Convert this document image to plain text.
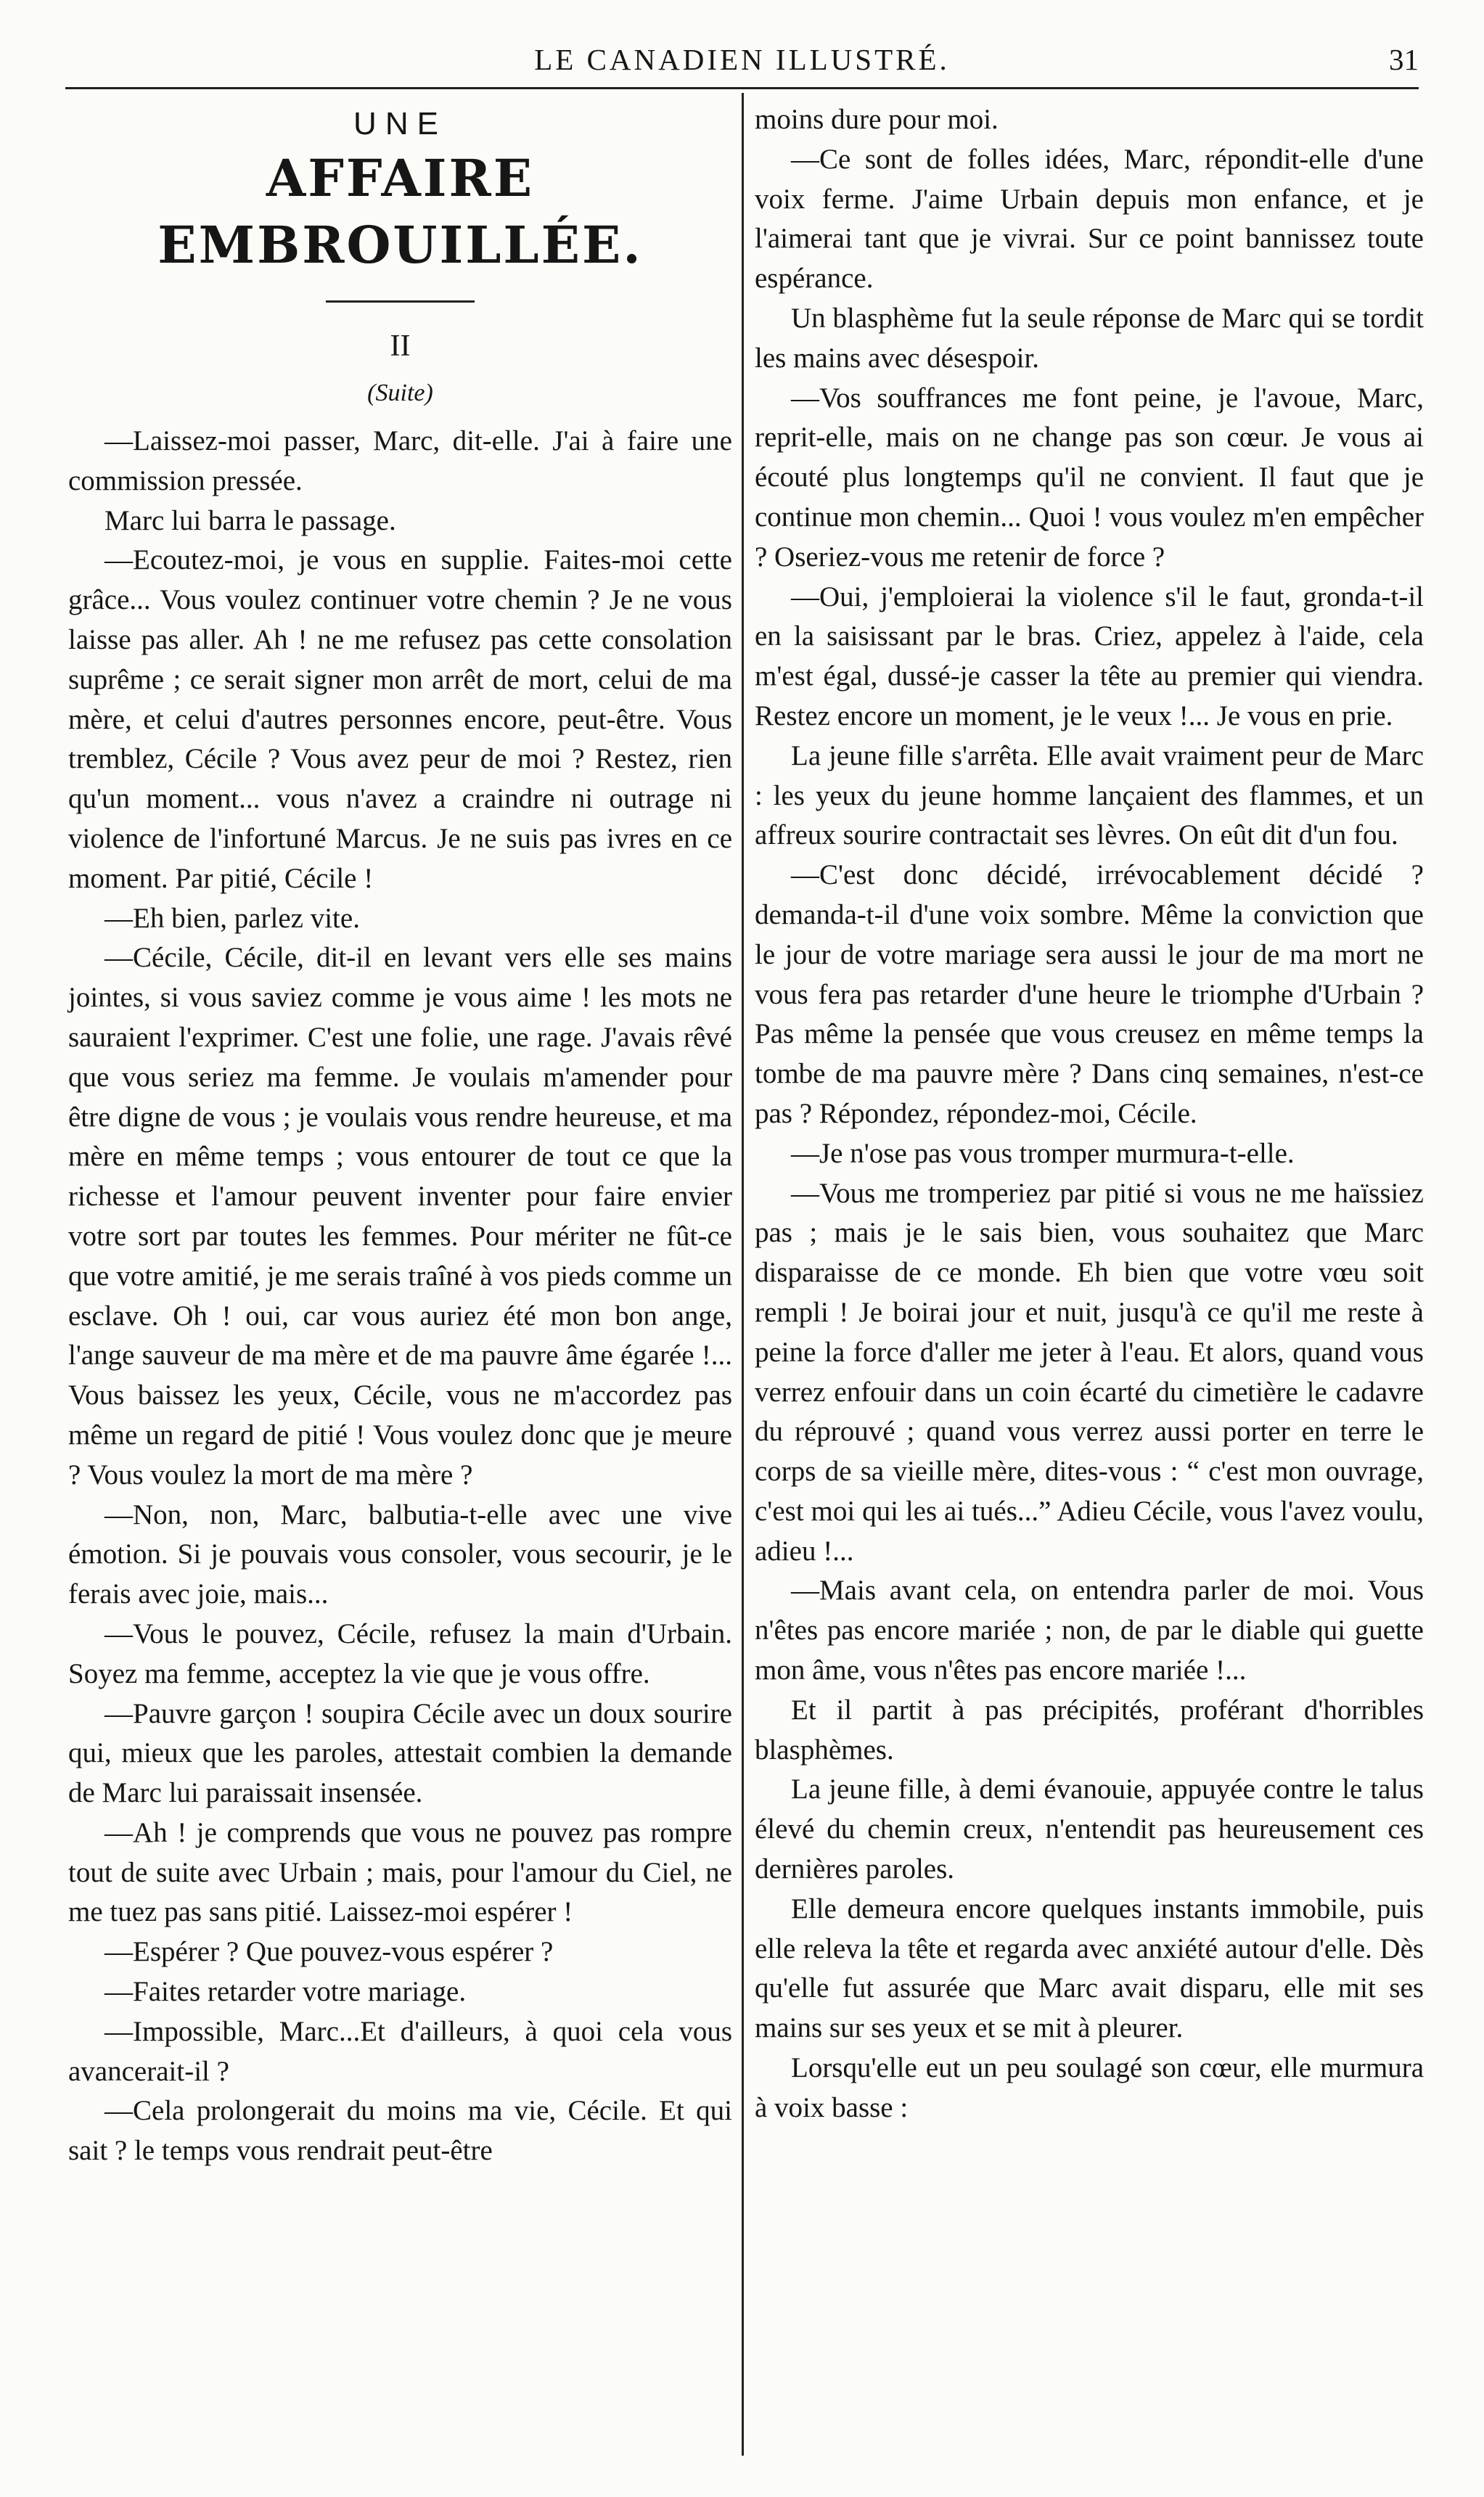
LE CANADIEN ILLUSTRÉ.	31
UNE
AFFAIRE EMBROUILLÉE.
II
(Suite)

—Laissez-moi passer, Marc, dit-elle. J'ai à faire une commission pressée.

Marc lui barra le passage.

—Ecoutez-moi, je vous en supplie. Faites-moi cette grâce... Vous voulez continuer votre chemin ? Je ne vous laisse pas aller. Ah ! ne me refusez pas cette consolation suprême ; ce serait signer mon arrêt de mort, celui de ma mère, et celui d'autres personnes encore, peut-être. Vous tremblez, Cécile ? Vous avez peur de moi ? Restez, rien qu'un moment... vous n'avez a craindre ni outrage ni violence de l'infortuné Marcus. Je ne suis pas ivres en ce moment. Par pitié, Cécile !

—Eh bien, parlez vite.

—Cécile, Cécile, dit-il en levant vers elle ses mains jointes, si vous saviez comme je vous aime ! les mots ne sauraient l'exprimer. C'est une folie, une rage. J'avais rêvé que vous seriez ma femme. Je voulais m'amender pour être digne de vous ; je voulais vous rendre heureuse, et ma mère en même temps ; vous entourer de tout ce que la richesse et l'amour peuvent inventer pour faire envier votre sort par toutes les femmes. Pour mériter ne fût-ce que votre amitié, je me serais traîné à vos pieds comme un esclave. Oh ! oui, car vous auriez été mon bon ange, l'ange sauveur de ma mère et de ma pauvre âme égarée !... Vous baissez les yeux, Cécile, vous ne m'accordez pas même un regard de pitié ! Vous voulez donc que je meure ? Vous voulez la mort de ma mère ?

—Non, non, Marc, balbutia-t-elle avec une vive émotion. Si je pouvais vous consoler, vous secourir, je le ferais avec joie, mais...

—Vous le pouvez, Cécile, refusez la main d'Urbain. Soyez ma femme, acceptez la vie que je vous offre.

—Pauvre garçon ! soupira Cécile avec un doux sourire qui, mieux que les paroles, attestait combien la demande de Marc lui paraissait insensée.

—Ah ! je comprends que vous ne pouvez pas rompre tout de suite avec Urbain ; mais, pour l'amour du Ciel, ne me tuez pas sans pitié. Laissez-moi espérer !

—Espérer ? Que pouvez-vous espérer ?

—Faites retarder votre mariage.

—Impossible, Marc...Et d'ailleurs, à quoi cela vous avancerait-il ?

—Cela prolongerait du moins ma vie, Cécile. Et qui sait ? le temps vous rendrait peut-être

moins dure pour moi.

—Ce sont de folles idées, Marc, répondit-elle d'une voix ferme. J'aime Urbain depuis mon enfance, et je l'aimerai tant que je vivrai. Sur ce point bannissez toute espérance.

Un blasphème fut la seule réponse de Marc qui se tordit les mains avec désespoir.

—Vos souffrances me font peine, je l'avoue, Marc, reprit-elle, mais on ne change pas son cœur. Je vous ai écouté plus longtemps qu'il ne convient. Il faut que je continue mon chemin... Quoi ! vous voulez m'en empêcher ? Oseriez-vous me retenir de force ?

—Oui, j'emploierai la violence s'il le faut, gronda-t-il en la saisissant par le bras. Criez, appelez à l'aide, cela m'est égal, dussé-je casser la tête au premier qui viendra. Restez encore un moment, je le veux !... Je vous en prie.

La jeune fille s'arrêta. Elle avait vraiment peur de Marc : les yeux du jeune homme lançaient des flammes, et un affreux sourire contractait ses lèvres. On eût dit d'un fou.

—C'est donc décidé, irrévocablement décidé ? demanda-t-il d'une voix sombre. Même la conviction que le jour de votre mariage sera aussi le jour de ma mort ne vous fera pas retarder d'une heure le triomphe d'Urbain ? Pas même la pensée que vous creusez en même temps la tombe de ma pauvre mère ? Dans cinq semaines, n'est-ce pas ? Répondez, répondez-moi, Cécile.

—Je n'ose pas vous tromper murmura-t-elle.

—Vous me tromperiez par pitié si vous ne me haïssiez pas ; mais je le sais bien, vous souhaitez que Marc disparaisse de ce monde. Eh bien que votre vœu soit rempli ! Je boirai jour et nuit, jusqu'à ce qu'il me reste à peine la force d'aller me jeter à l'eau. Et alors, quand vous verrez enfouir dans un coin écarté du cimetière le cadavre du réprouvé ; quand vous verrez aussi porter en terre le corps de sa vieille mère, dites-vous : “ c'est mon ouvrage, c'est moi qui les ai tués...” Adieu Cécile, vous l'avez voulu, adieu !...

—Mais avant cela, on entendra parler de moi. Vous n'êtes pas encore mariée ; non, de par le diable qui guette mon âme, vous n'êtes pas encore mariée !...

Et il partit à pas précipités, proférant d'horribles blasphèmes.

La jeune fille, à demi évanouie, appuyée contre le talus élevé du chemin creux, n'entendit pas heureusement ces dernières paroles.

Elle demeura encore quelques instants immobile, puis elle releva la tête et regarda avec anxiété autour d'elle. Dès qu'elle fut assurée que Marc avait disparu, elle mit ses mains sur ses yeux et se mit à pleurer.

Lorsqu'elle eut un peu soulagé son cœur, elle murmura à voix basse :
